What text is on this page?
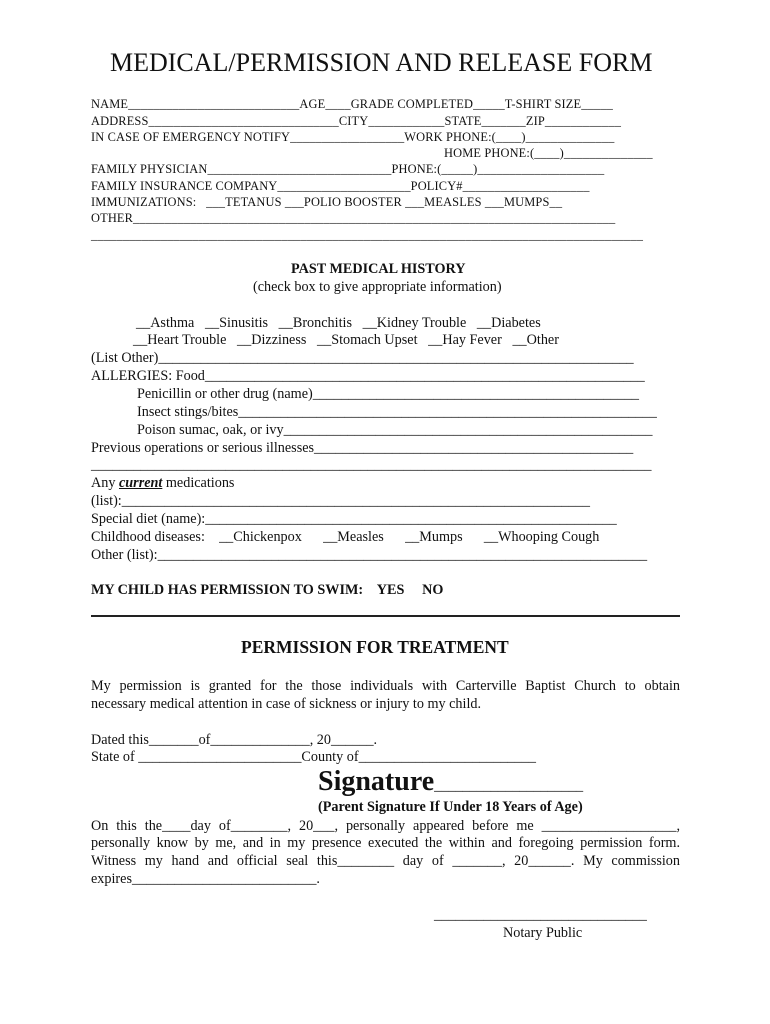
MEDICAL/PERMISSION AND RELEASE FORM
NAME___________________________AGE____GRADE COMPLETED_____T-SHIRT SIZE_____
ADDRESS______________________________CITY____________STATE_______ZIP____________
IN CASE OF EMERGENCY NOTIFY__________________WORK PHONE:(____)______________
HOME PHONE:(____)______________
FAMILY PHYSICIAN_____________________________PHONE:(_____)____________________
FAMILY INSURANCE COMPANY_____________________POLICY#____________________
IMMUNIZATIONS:   ___TETANUS ___POLIO BOOSTER ___MEASLES ___MUMPS__
OTHER____________________________________________________________________________
_______________________________________________________________________________________
PAST MEDICAL HISTORY
(check box to give appropriate information)
__Asthma   __Sinusitis   __Bronchitis   __Kidney Trouble   __Diabetes
__Heart Trouble   __Dizziness   __Stomach Upset   __Hay Fever   __Other
(List Other)___________________________________________________________________
ALLERGIES: Food______________________________________________________________
Penicillin or other drug (name)______________________________________________
Insect stings/bites___________________________________________________________
Poison sumac, oak, or ivy____________________________________________________
Previous operations or serious illnesses_____________________________________________
_______________________________________________________________________________
Any current medications
(list):__________________________________________________________________
Special diet (name):__________________________________________________________
Childhood diseases:    __Chickenpox      __Measles      __Mumps      __Whooping Cough
Other (list):_____________________________________________________________________
MY CHILD HAS PERMISSION TO SWIM:    YES     NO
PERMISSION FOR TREATMENT
My permission is granted for the those individuals with Carterville Baptist Church to obtain
necessary medical attention in case of sickness or injury to my child.
Dated this_______of______________, 20______.
State of _______________________County of_________________________
Signature_____________________
(Parent Signature If Under 18 Years of Age)
On this the____day of________, 20___, personally appeared before me ___________________,
personally know by me, and in my presence executed the within and foregoing permission form.
Witness my hand and official seal this________ day of _______, 20______. My commission
expires__________________________.
______________________________
Notary Public
